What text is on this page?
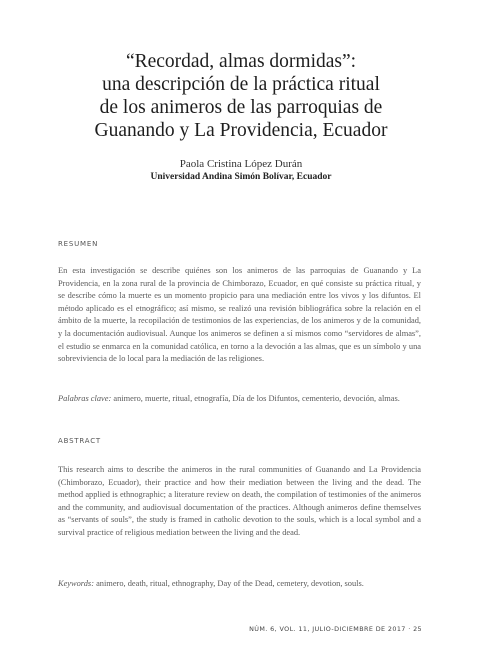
“Recordad, almas dormidas”:
una descripción de la práctica ritual
de los animeros de las parroquias de
Guanando y La Providencia, Ecuador
Paola Cristina López Durán
Universidad Andina Simón Bolívar, Ecuador
RESUMEN
En esta investigación se describe quiénes son los animeros de las parroquias de Guanando y La Providencia, en la zona rural de la provincia de Chimborazo, Ecuador, en qué consiste su práctica ritual, y se describe cómo la muerte es un momento propicio para una mediación entre los vivos y los difuntos. El método aplicado es el etnográfico; así mismo, se realizó una revisión bibliográfica sobre la relación en el ámbito de la muerte, la recopilación de testimonios de las experiencias, de los animeros y de la comunidad, y la documentación audiovisual. Aunque los animeros se definen a sí mismos como “servidores de almas”, el estudio se enmarca en la comunidad católica, en torno a la devoción a las almas, que es un símbolo y una sobreviviencia de lo local para la mediación de las religiones.
Palabras clave: animero, muerte, ritual, etnografía, Día de los Difuntos, cementerio, devoción, almas.
ABSTRACT
This research aims to describe the animeros in the rural communities of Guanando and La Providencia (Chimborazo, Ecuador), their practice and how their mediation between the living and the dead. The method applied is ethnographic; a literature review on death, the compilation of testimonies of the animeros and the community, and audiovisual documentation of the practices. Although animeros define themselves as “servants of souls”, the study is framed in catholic devotion to the souls, which is a local symbol and a survival practice of religious mediation between the living and the dead.
Keywords: animero, death, ritual, ethnography, Day of the Dead, cemetery, devotion, souls.
NÚM. 6, VOL. 11, JULIO-DICIEMBRE DE 2017 · 25
